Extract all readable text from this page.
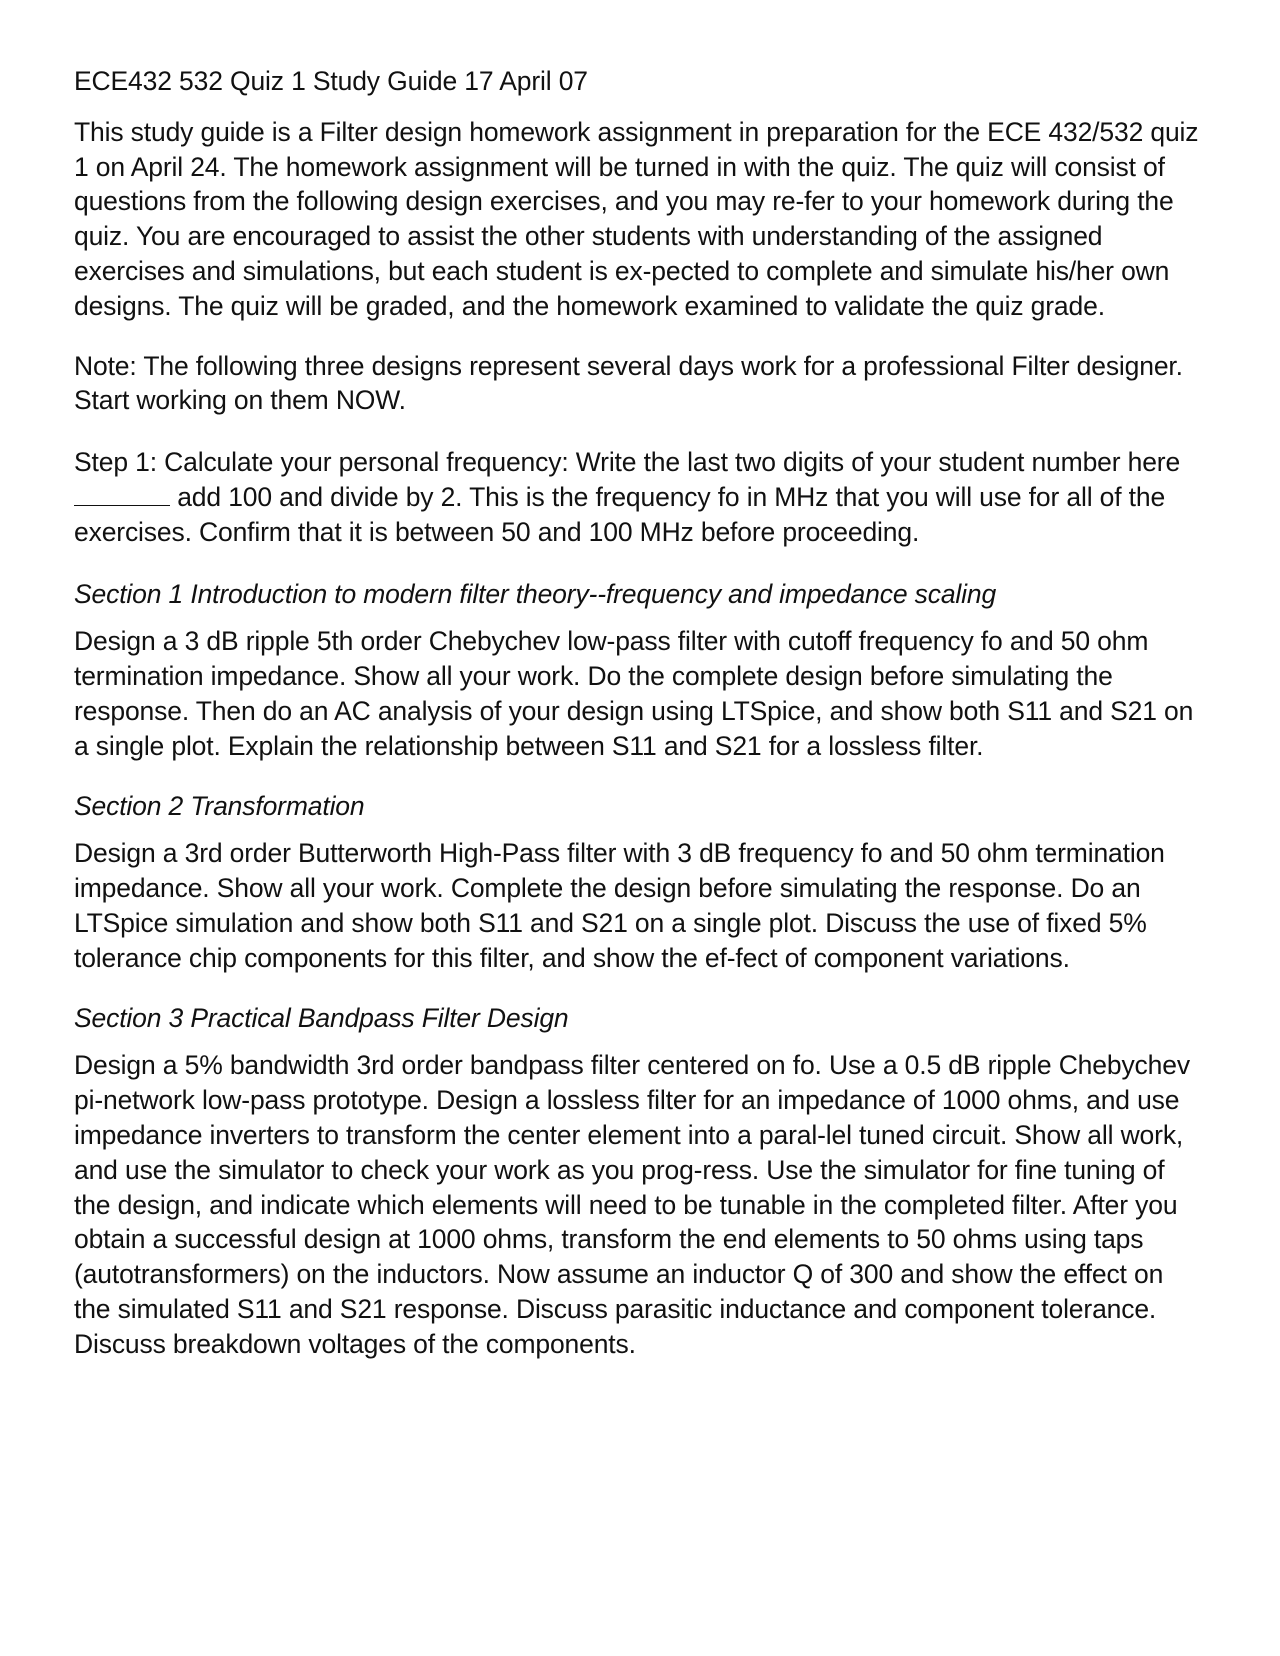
ECE432 532 Quiz 1 Study Guide 17 April 07

This study guide is a Filter design homework assignment in preparation for the ECE 432/532 quiz 1 on April 24. The homework assignment will be turned in with the quiz. The quiz will consist of questions from the following design exercises, and you may re-fer to your homework during the quiz. You are encouraged to assist the other students with understanding of the assigned exercises and simulations, but each student is ex-pected to complete and simulate his/her own designs. The quiz will be graded, and the homework examined to validate the quiz grade.

Note: The following three designs represent several days work for a professional Filter designer. Start working on them NOW.

Step 1: Calculate your personal frequency: Write the last two digits of your student number here  add 100 and divide by 2. This is the frequency fo in MHz that you will use for all of the exercises. Confirm that it is between 50 and 100 MHz before proceeding.

Section 1 Introduction to modern filter theory--frequency and impedance scaling

Design a 3 dB ripple 5th order Chebychev low-pass filter with cutoff frequency fo and 50 ohm termination impedance. Show all your work. Do the complete design before simulating the response. Then do an AC analysis of your design using LTSpice, and show both S11 and S21 on a single plot. Explain the relationship between S11 and S21 for a lossless filter.

Section 2 Transformation

Design a 3rd order Butterworth High-Pass filter with 3 dB frequency fo and 50 ohm termination impedance. Show all your work. Complete the design before simulating the response. Do an LTSpice simulation and show both S11 and S21 on a single plot. Discuss the use of fixed 5% tolerance chip components for this filter, and show the ef-fect of component variations.

Section 3 Practical Bandpass Filter Design

Design a 5% bandwidth 3rd order bandpass filter centered on fo. Use a 0.5 dB ripple Chebychev pi-network low-pass prototype. Design a lossless filter for an impedance of 1000 ohms, and use impedance inverters to transform the center element into a paral-lel tuned circuit. Show all work, and use the simulator to check your work as you prog-ress. Use the simulator for fine tuning of the design, and indicate which elements will need to be tunable in the completed filter. After you obtain a successful design at 1000 ohms, transform the end elements to 50 ohms using taps (autotransformers) on the inductors. Now assume an inductor Q of 300 and show the effect on the simulated S11 and S21 response. Discuss parasitic inductance and component tolerance. Discuss breakdown voltages of the components.
